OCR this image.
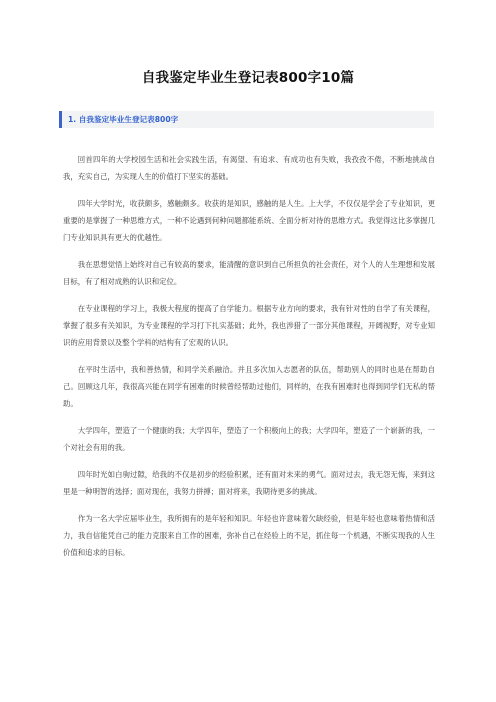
自我鉴定毕业生登记表800字10篇
1. 自我鉴定毕业生登记表800字

回首四年的大学校园生活和社会实践生活，有渴望、有追求、有成功也有失败，我孜孜不倦，不断地挑战自我，充实自己，为实现人生的价值打下坚实的基础。

四年大学时光，收获颇多，感触颇多。收获的是知识，感触的是人生。上大学，不仅仅是学会了专业知识，更重要的是掌握了一种思维方式，一种不论遇到何种问题都能系统、全面分析对待的思维方式。我觉得这比多掌握几门专业知识具有更大的优越性。

我在思想觉悟上始终对自己有较高的要求，能清醒的意识到自己所担负的社会责任，对个人的人生理想和发展目标，有了相对成熟的认识和定位。

在专业课程的学习上，我极大程度的提高了自学能力。根据专业方向的要求，我有针对性的自学了有关课程，掌握了很多有关知识，为专业课程的学习打下扎实基础；此外，我也涉猎了一部分其他课程，开阔视野，对专业知识的应用背景以及整个学科的结构有了宏观的认识。

在平时生活中，我和善热情，和同学关系融洽。并且多次加入志愿者的队伍，帮助别人的同时也是在帮助自己。回顾这几年，我很高兴能在同学有困难的时候曾经帮助过他们，同样的，在我有困难时也得到同学们无私的帮助。

大学四年，塑造了一个健康的我；大学四年，塑造了一个积极向上的我；大学四年，塑造了一个崭新的我，一个对社会有用的我。

四年时光如白驹过隙，给我的不仅是初步的经验积累，还有面对未来的勇气。面对过去，我无怨无悔，来到这里是一种明智的选择；面对现在，我努力拼搏；面对将来，我期待更多的挑战。

作为一名大学应届毕业生，我所拥有的是年轻和知识。年轻也许意味着欠缺经验，但是年轻也意味着热情和活力，我自信能凭自己的能力克服来自工作的困难，弥补自己在经验上的不足，抓住每一个机遇，不断实现我的人生价值和追求的目标。
